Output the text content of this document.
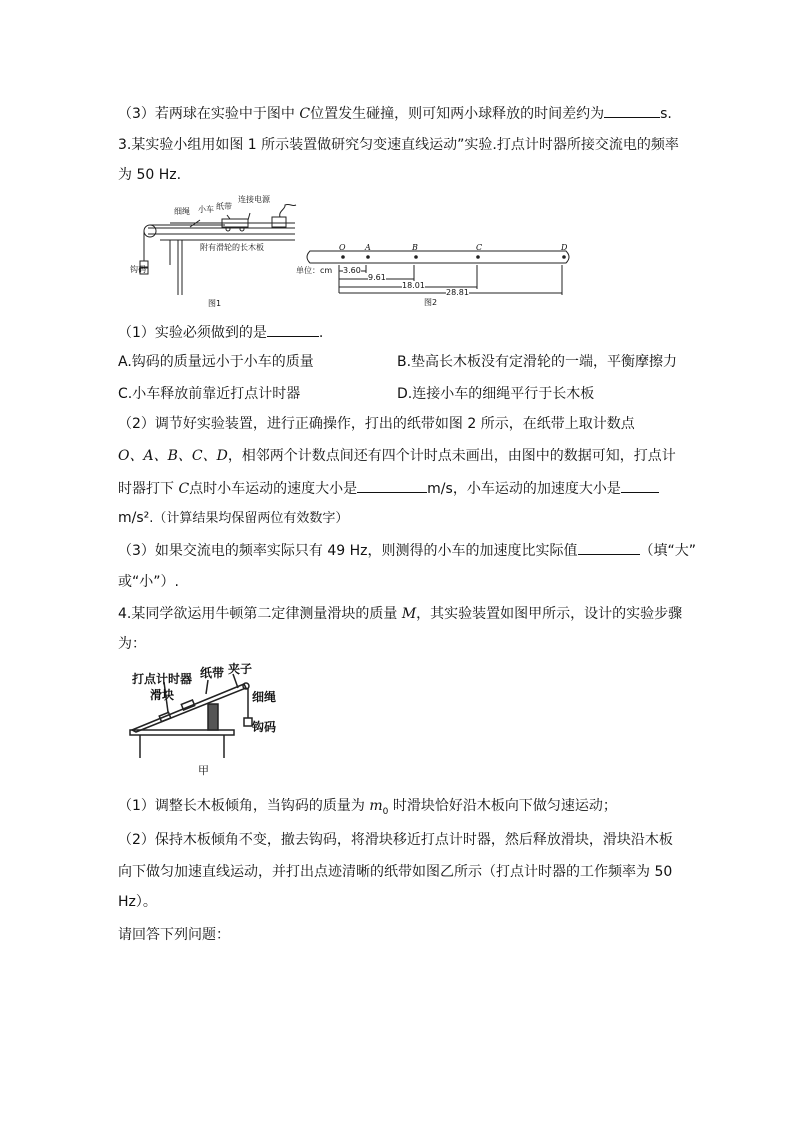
（3）若两球在实验中于图中 C位置发生碰撞，则可知两小球释放的时间差约为	s.
3.某实验小组用如图 1 所示装置做研究匀变速直线运动”实验.打点计时器所接交流电的频率
为 50 Hz.
细绳 小车 纸带
连接电源
附有滑轮的长木板
钩码
图1
O A	B	C	D
单位：cm 3.60
9.61
18.01
28.81
图2
（1）实验必须做到的是	.
A.钩码的质量远小于小车的质量	B.垫高长木板没有定滑轮的一端，平衡摩擦力
C.小车释放前靠近打点计时器	D.连接小车的细绳平行于长木板
（2）调节好实验装置，进行正确操作，打出的纸带如图 2 所示，在纸带上取计数点
O、A、B、C、D，相邻两个计数点间还有四个计时点未画出，由图中的数据可知，打点计
时器打下 C点时小车运动的速度大小是	m/s，小车运动的加速度大小是
m/s².（计算结果均保留两位有效数字）
（3）如果交流电的频率实际只有 49 Hz，则测得的小车的加速度比实际值	（填“大”
或“小”）.
4.某同学欲运用牛顿第二定律测量滑块的质量 M，其实验装置如图甲所示，设计的实验步骤
为：
打点计时器 纸带 夹子
滑块	细绳
钩码
甲
（1）调整长木板倾角，当钩码的质量为 $m_0$ 时滑块恰好沿木板向下做匀速运动；
（2）保持木板倾角不变，撤去钩码，将滑块移近打点计时器，然后释放滑块，滑块沿木板
向下做匀加速直线运动，并打出点迹清晰的纸带如图乙所示（打点计时器的工作频率为 50
Hz）。
请回答下列问题：
